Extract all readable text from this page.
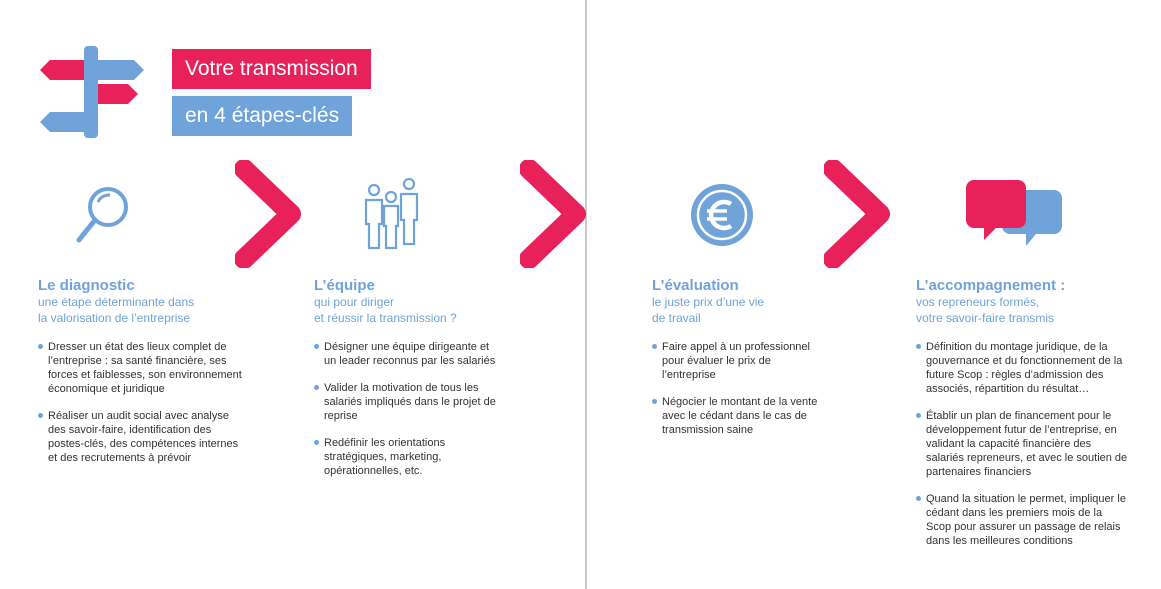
Votre transmission
en 4 étapes-clés
Le diagnostic

une étape déterminante dans

la valorisation de l’entreprise

Dresser un état des lieux complet de l’entreprise : sa santé financière, ses forces et faiblesses, son environnement économique et juridique
Réaliser un audit social avec analyse des savoir-faire, identification des postes-clés, des compétences internes et des recrutements à prévoir
L’équipe

qui pour diriger

et réussir la transmission ?

Désigner une équipe dirigeante et un leader reconnus par les salariés
Valider la motivation de tous les salariés impliqués dans le projet de reprise
Redéfinir les orientations stratégiques, marketing, opérationnelles, etc.
L’évaluation

le juste prix d’une vie

de travail

Faire appel à un professionnel pour évaluer le prix de l’entreprise
Négocier le montant de la vente avec le cédant dans le cas de transmission saine
L’accompagnement :

vos repreneurs formés,

votre savoir-faire transmis

Définition du montage juridique, de la gouvernance et du fonctionnement de la future Scop : règles d’admission des associés, répartition du résultat…
Établir un plan de financement pour le développement futur de l’entreprise, en validant la capacité financière des salariés repreneurs, et avec le soutien de partenaires financiers
Quand la situation le permet, impliquer le cédant dans les premiers mois de la Scop pour assurer un passage de relais dans les meilleures conditions
